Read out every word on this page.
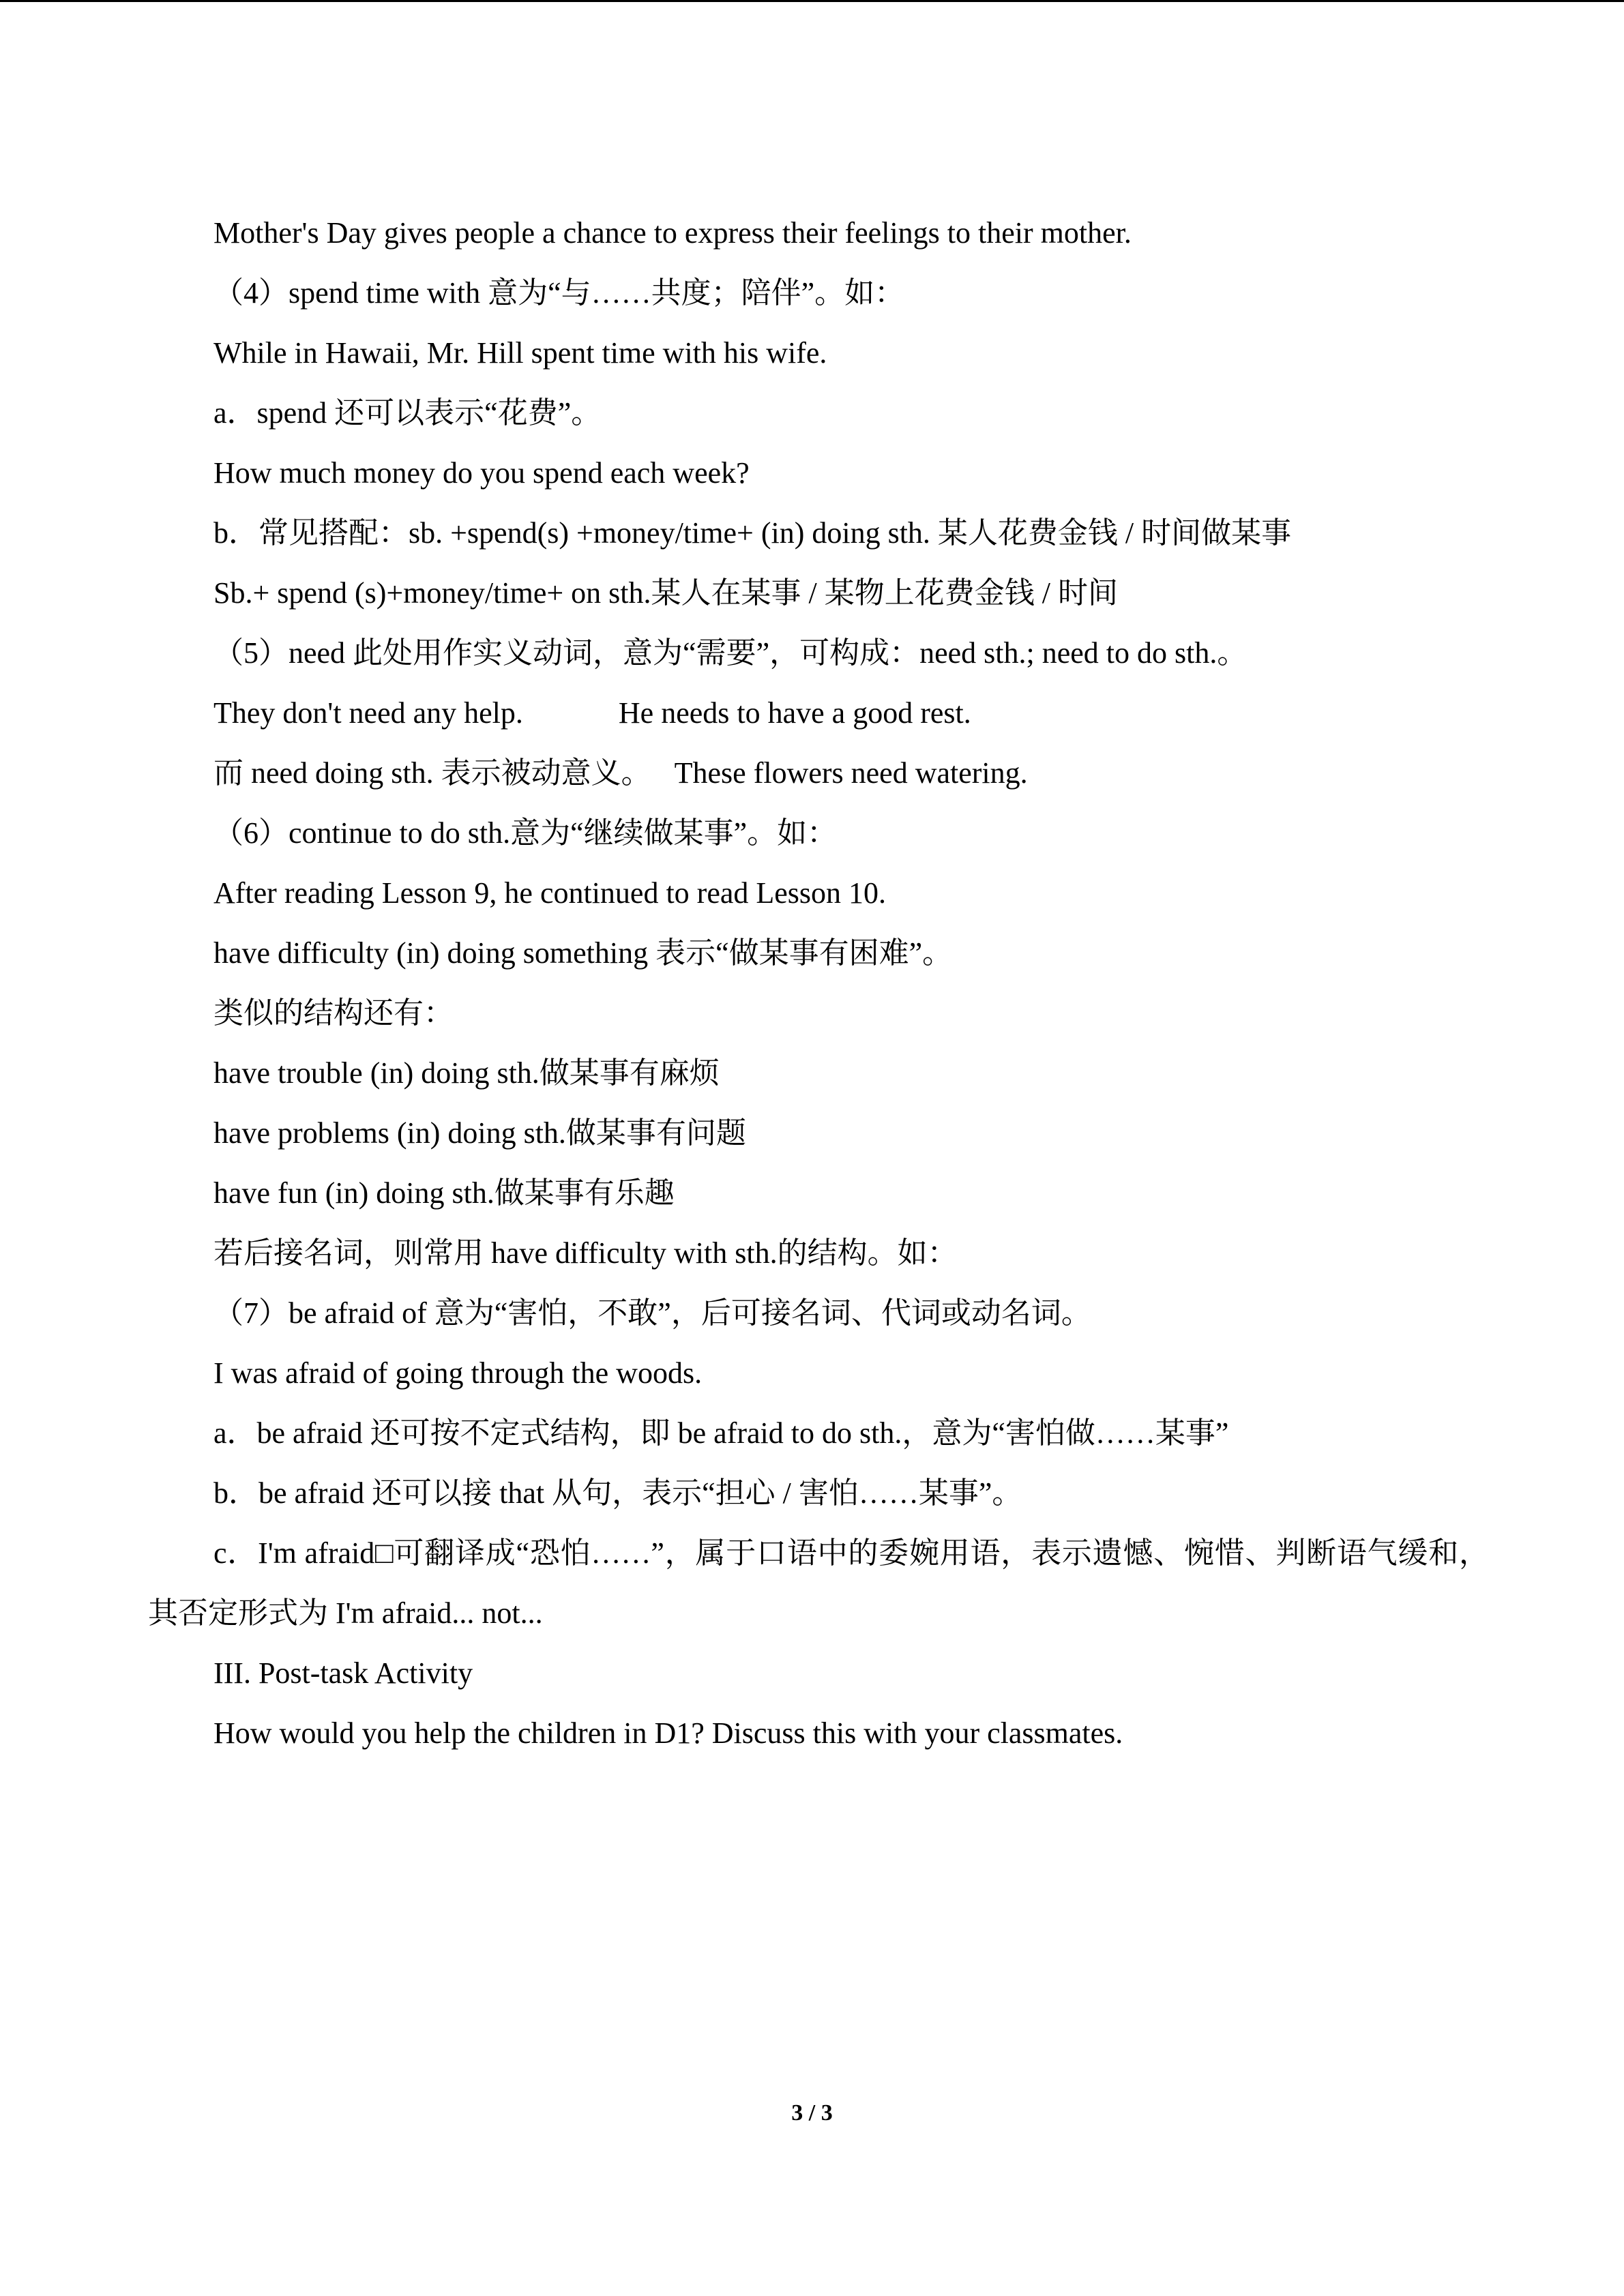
Mother's Day gives people a chance to express their feelings to their mother.
（4）spend time with 意为“与……共度；陪伴”。如：
While in Hawaii, Mr. Hill spent time with his wife.
a．spend 还可以表示“花费”。
How much money do you spend each week?
b．常见搭配：sb. +spend(s) +money/time+ (in) doing sth. 某人花费金钱 / 时间做某事
Sb.+ spend (s)+money/time+ on sth.某人在某事 / 某物上花费金钱 / 时间
（5）need 此处用作实义动词，意为“需要”，可构成：need sth.; need to do sth.。
They don't need any help.	He needs to have a good rest.
而 need doing sth. 表示被动意义。 These flowers need watering.
（6）continue to do sth.意为“继续做某事”。如：
After reading Lesson 9, he continued to read Lesson 10.
have difficulty (in) doing something 表示“做某事有困难”。
类似的结构还有：
have trouble (in) doing sth.做某事有麻烦
have problems (in) doing sth.做某事有问题
have fun (in) doing sth.做某事有乐趣
若后接名词，则常用 have difficulty with sth.的结构。如：
（7）be afraid of 意为“害怕，不敢”，后可接名词、代词或动名词。
I was afraid of going through the woods.
a．be afraid 还可按不定式结构，即 be afraid to do sth.，意为“害怕做……某事”
b．be afraid 还可以接 that 从句，表示“担心 / 害怕……某事”。
c．I'm afraid□可翻译成“恐怕……”，属于口语中的委婉用语，表示遗憾、惋惜、判断语气缓和，其否定形式为 I'm afraid... not...
III. Post-task Activity
How would you help the children in D1? Discuss this with your classmates.
3 / 3
